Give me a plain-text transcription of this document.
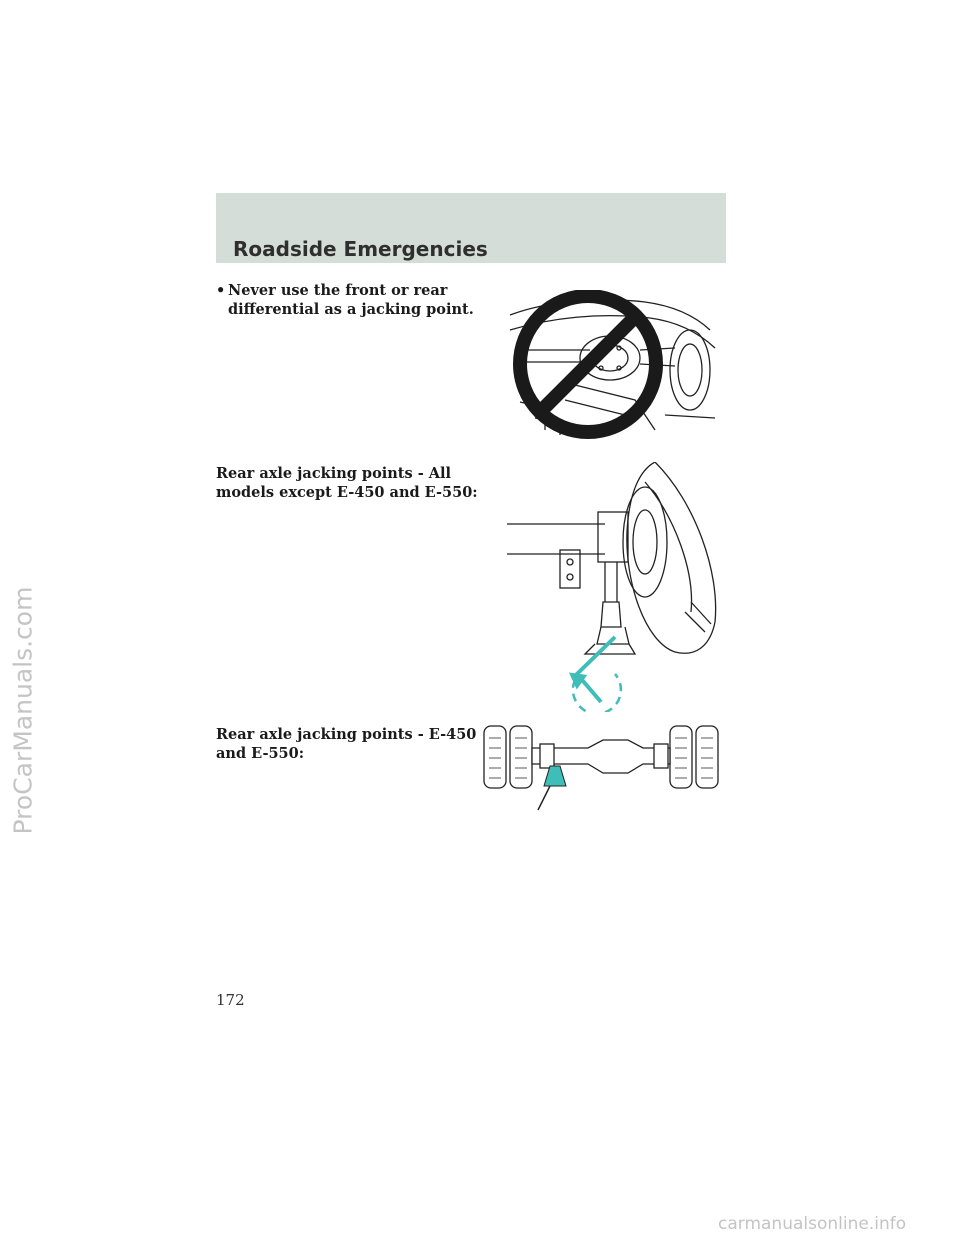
ProCarManuals.com
Roadside Emergencies
• Never use the front or rear differential as a jacking point.
Rear axle jacking points - All models except E-450 and E-550:
Rear axle jacking points - E-450 and E-550:
172
carmanualsonline.info
